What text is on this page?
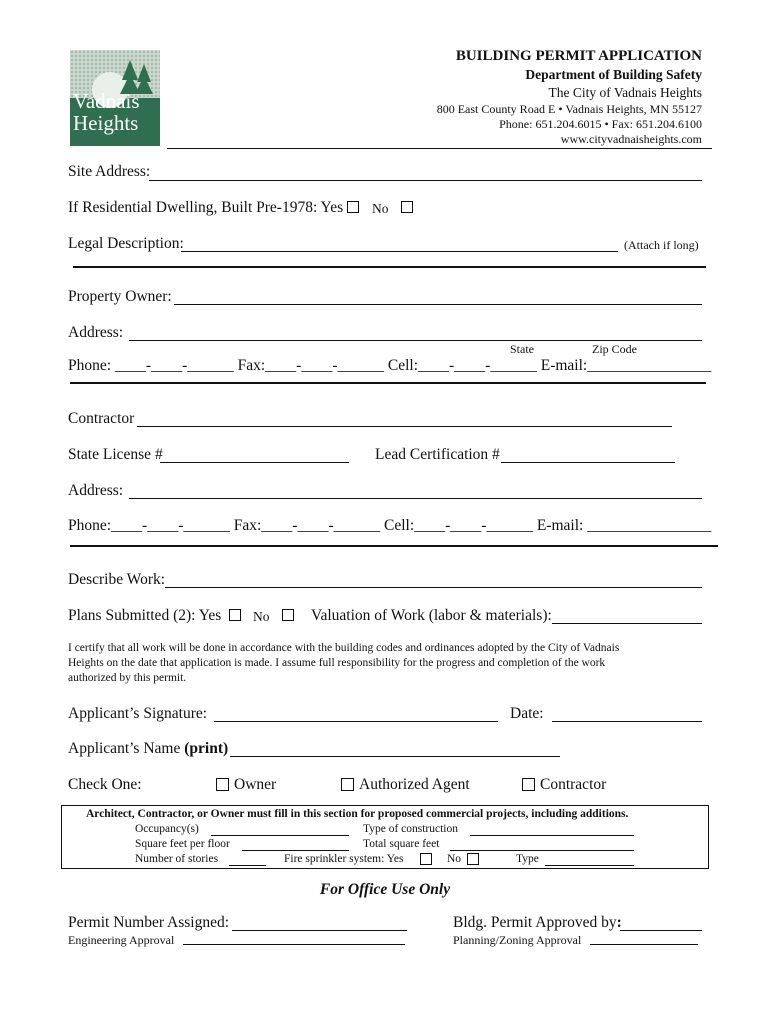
Vadnais
Heights
BUILDING PERMIT APPLICATION
Department of Building Safety
The City of Vadnais Heights
800 East County Road E • Vadnais Heights, MN 55127
Phone: 651.204.6015 • Fax: 651.204.6100
www.cityvadnaisheights.com
Site Address:
If Residential Dwelling, Built Pre-1978: Yes No
Legal Description:	(Attach if long)
Property Owner:
Address:
State	Zip Code
Phone: ____-____-______ Fax:____-____-______ Cell:____-____-______ E-mail:________________
Contractor
State License #	Lead Certification #
Address:
Phone:____-____-______ Fax:____-____-______ Cell:____-____-______ E-mail: ________________
Describe Work:
Plans Submitted (2): Yes No	Valuation of Work (labor & materials):
I certify that all work will be done in accordance with the building codes and ordinances adopted by the City of Vadnais
Heights on the date that application is made. I assume full responsibility for the progress and completion of the work
authorized by this permit.
Applicant’s Signature:	Date:
Applicant’s Name (print)
Check One:	Owner	Authorized Agent	Contractor
Architect, Contractor, or Owner must fill in this section for proposed commercial projects, including additions.
Occupancy(s)	Type of construction
Square feet per floor	Total square feet
Number of stories	Fire sprinkler system: Yes	No	Type
For Office Use Only
Permit Number Assigned:	Bldg. Permit Approved by:
Engineering Approval	Planning/Zoning Approval
